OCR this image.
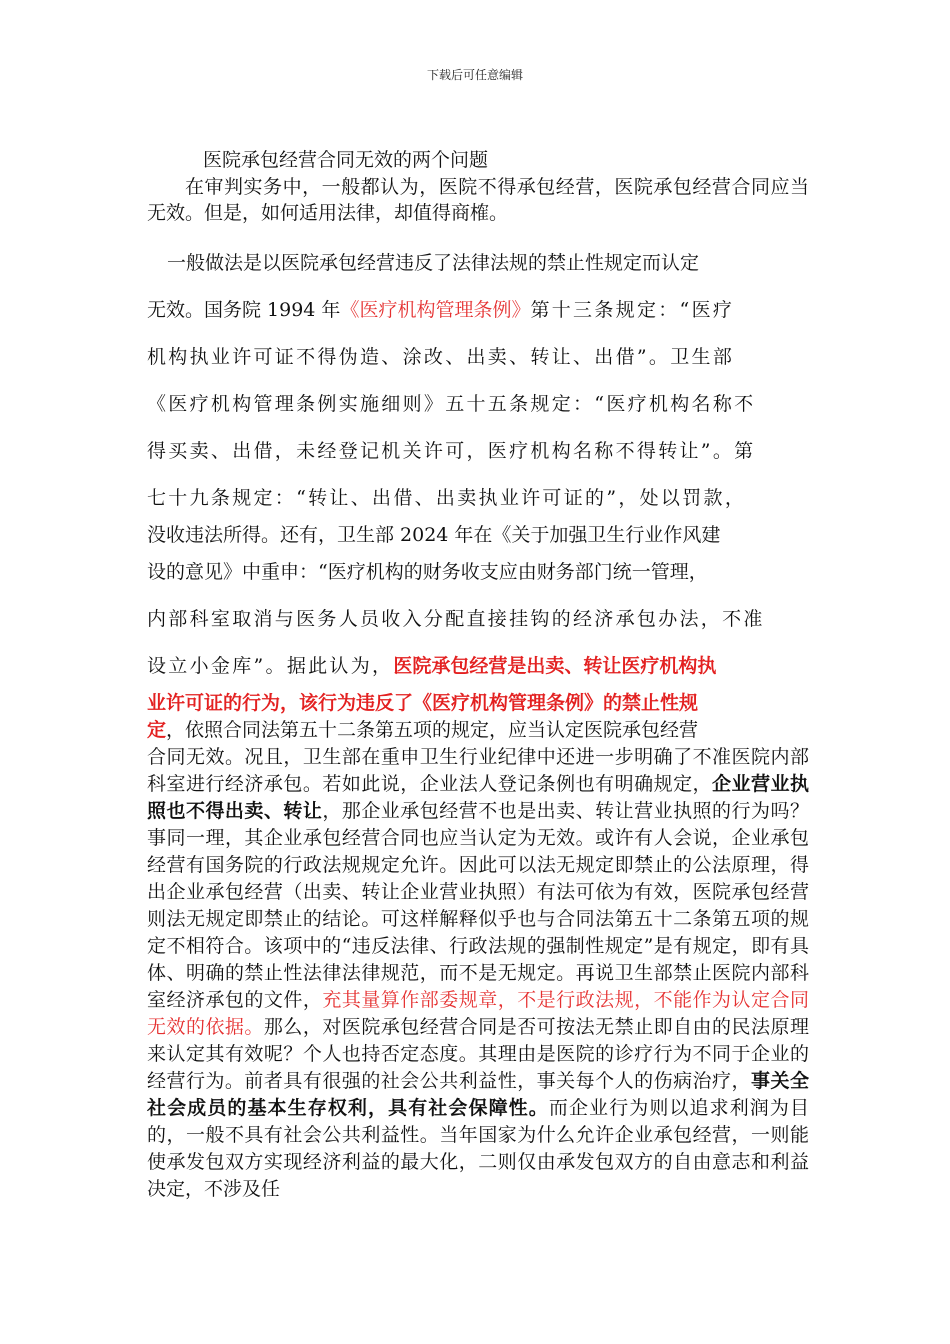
下载后可任意编辑
医院承包经营合同无效的两个问题

在审判实务中，一般都认为，医院不得承包经营，医院承包经营合同应当无效。但是，如何适用法律，却值得商榷。

一般做法是以医院承包经营违反了法律法规的禁止性规定而认定
无效。国务院 1994 年《医疗机构管理条例》第十三条规定：“医疗
机构执业许可证不得伪造、涂改、出卖、转让、出借”。卫生部
《医疗机构管理条例实施细则》五十五条规定：“医疗机构名称不
得买卖、出借，未经登记机关许可，医疗机构名称不得转让”。第
七十九条规定：“转让、出借、出卖执业许可证的”，处以罚款，
没收违法所得。还有，卫生部 2024 年在《关于加强卫生行业作风建
设的意见》中重申：“医疗机构的财务收支应由财务部门统一管理，
内部科室取消与医务人员收入分配直接挂钩的经济承包办法，不准
设立小金库”。据此认为，医院承包经营是出卖、转让医疗机构执
业许可证的行为，该行为违反了《医疗机构管理条例》的禁止性规
定，依照合同法第五十二条第五项的规定，应当认定医院承包经营

合同无效。况且，卫生部在重申卫生行业纪律中还进一步明确了不准医院内部科室进行经济承包。若如此说，企业法人登记条例也有明确规定，企业营业执照也不得出卖、转让，那企业承包经营不也是出卖、转让营业执照的行为吗？事同一理，其企业承包经营合同也应当认定为无效。或许有人会说，企业承包经营有国务院的行政法规规定允许。因此可以法无规定即禁止的公法原理，得出企业承包经营（出卖、转让企业营业执照）有法可依为有效，医院承包经营则法无规定即禁止的结论。可这样解释似乎也与合同法第五十二条第五项的规定不相符合。该项中的“违反法律、行政法规的强制性规定”是有规定，即有具体、明确的禁止性法律法律规范，而不是无规定。再说卫生部禁止医院内部科室经济承包的文件，充其量算作部委规章，不是行政法规，不能作为认定合同无效的依据。那么，对医院承包经营合同是否可按法无禁止即自由的民法原理来认定其有效呢？个人也持否定态度。其理由是医院的诊疗行为不同于企业的经营行为。前者具有很强的社会公共利益性，事关每个人的伤病治疗，事关全社会成员的基本生存权利，具有社会保障性。而企业行为则以追求利润为目的，一般不具有社会公共利益性。当年国家为什么允许企业承包经营，一则能使承发包双方实现经济利益的最大化，二则仅由承发包双方的自由意志和利益决定，不涉及任
